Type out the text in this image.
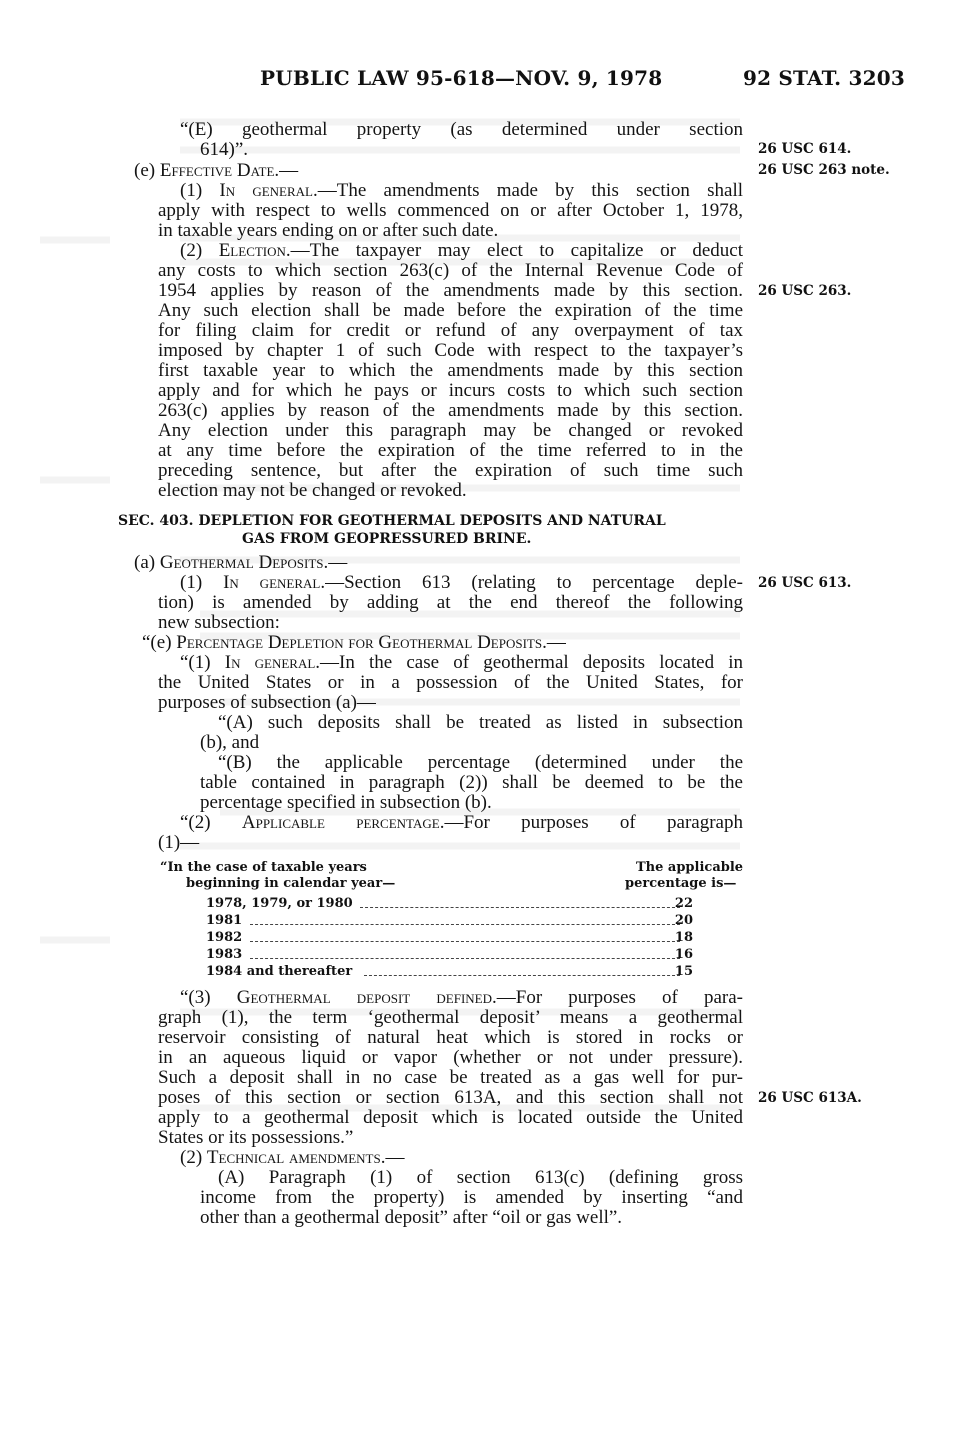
PUBLIC LAW 95-618—NOV. 9, 1978	92 STAT. 3203
“(E) geothermal property (as determined under section
614)”.
(e) Effective Date.—
(1) In general.—The amendments made by this section shall
apply with respect to wells commenced on or after October 1, 1978,
in taxable years ending on or after such date.
(2) Election.—The taxpayer may elect to capitalize or deduct
any costs to which section 263(c) of the Internal Revenue Code of
1954 applies by reason of the amendments made by this section.
Any such election shall be made before the expiration of the time
for filing claim for credit or refund of any overpayment of tax
imposed by chapter 1 of such Code with respect to the taxpayer’s
first taxable year to which the amendments made by this section
apply and for which he pays or incurs costs to which such section
263(c) applies by reason of the amendments made by this section.
Any election under this paragraph may be changed or revoked
at any time before the expiration of the time referred to in the
preceding sentence, but after the expiration of such time such
election may not be changed or revoked.
SEC. 403. DEPLETION FOR GEOTHERMAL DEPOSITS AND NATURAL
GAS FROM GEOPRESSURED BRINE.
(a) Geothermal Deposits.—
(1) In general.—Section 613 (relating to percentage deple-
tion) is amended by adding at the end thereof the following
new subsection:
“(e) Percentage Depletion for Geothermal Deposits.—
“(1) In general.—In the case of geothermal deposits located in
the United States or in a possession of the United States, for
purposes of subsection (a)—
“(A) such deposits shall be treated as listed in subsection
(b), and
“(B) the applicable percentage (determined under the
table contained in paragraph (2)) shall be deemed to be the
percentage specified in subsection (b).
“(2) Applicable percentage.—For purposes of paragraph
(1)—
“In the case of taxable years
beginning in calendar year—
The applicable
percentage is—
1978, 1979, or 1980	22
1981	20
1982	18
1983	16
1984 and thereafter	15
“(3) Geothermal deposit defined.—For purposes of para-
graph (1), the term ‘geothermal deposit’ means a geothermal
reservoir consisting of natural heat which is stored in rocks or
in an aqueous liquid or vapor (whether or not under pressure).
Such a deposit shall in no case be treated as a gas well for pur-
poses of this section or section 613A, and this section shall not
apply to a geothermal deposit which is located outside the United
States or its possessions.”
(2) Technical amendments.—
(A) Paragraph (1) of section 613(c) (defining gross
income from the property) is amended by inserting “and
other than a geothermal deposit” after “oil or gas well”.
26 USC 614.
26 USC 263 note.
26 USC 263.
26 USC 613.
26 USC 613A.
